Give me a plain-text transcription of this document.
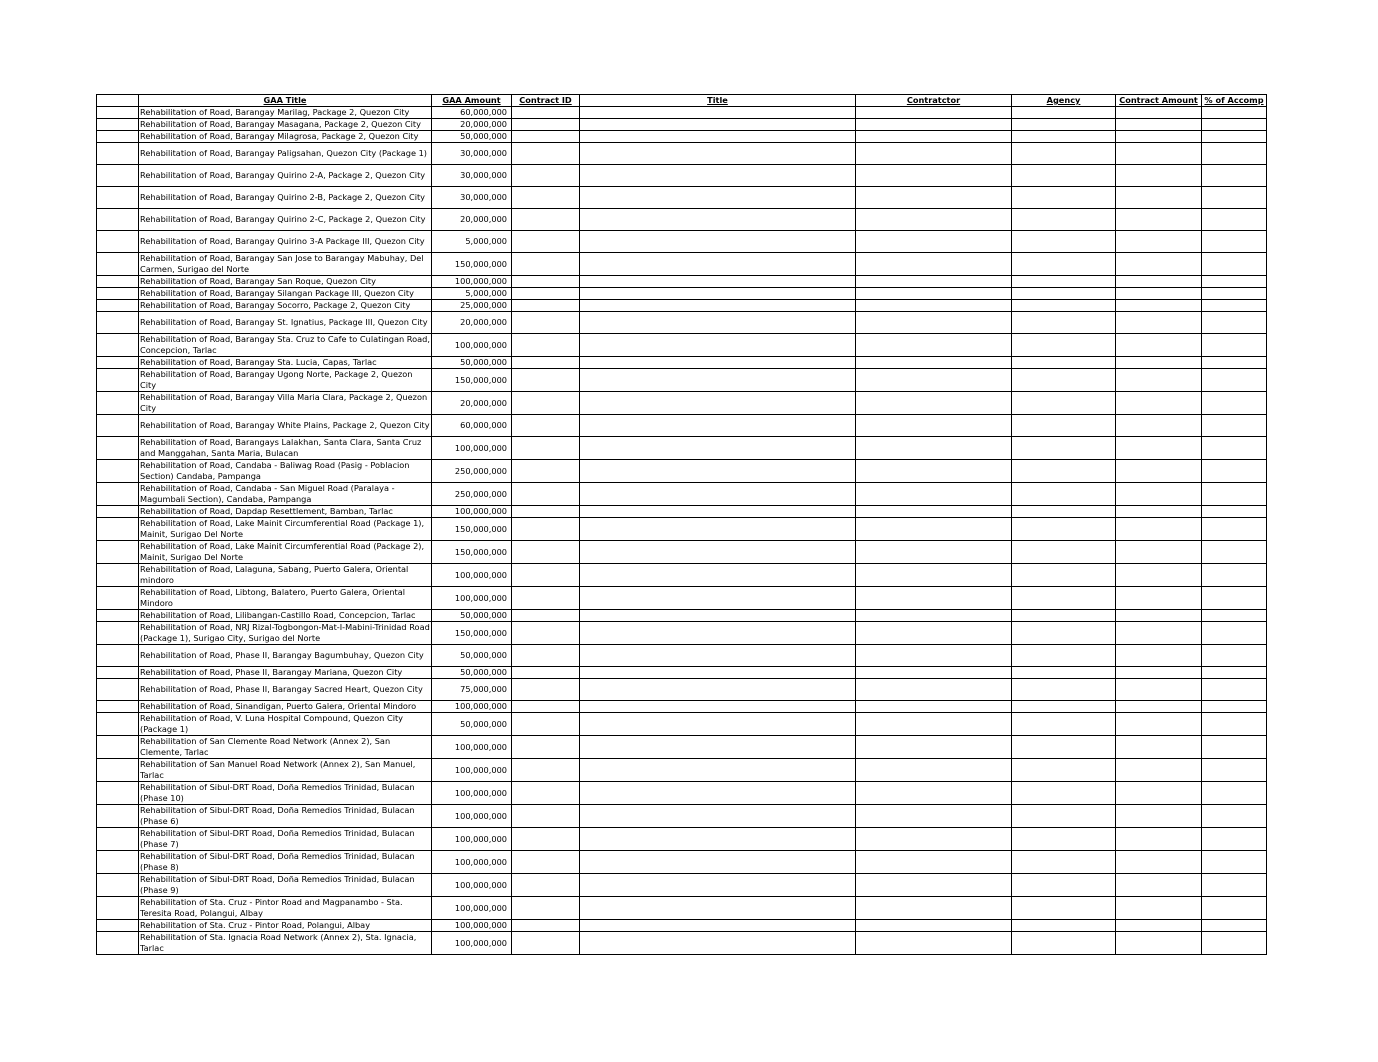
	GAA Title	GAA Amount	Contract ID	Title	Contratctor	Agency	Contract Amount	% of Accomp
	Rehabilitation of Road, Barangay Marilag, Package 2, Quezon City	60,000,000						
	Rehabilitation of Road, Barangay Masagana, Package 2, Quezon City	20,000,000						
	Rehabilitation of Road, Barangay Milagrosa, Package 2, Quezon City	50,000,000						
	Rehabilitation of Road, Barangay Paligsahan, Quezon City (Package 1)	30,000,000						
	Rehabilitation of Road, Barangay Quirino 2-A, Package 2, Quezon City	30,000,000						
	Rehabilitation of Road, Barangay Quirino 2-B, Package 2, Quezon City	30,000,000						
	Rehabilitation of Road, Barangay Quirino 2-C, Package 2, Quezon City	20,000,000						
	Rehabilitation of Road, Barangay Quirino 3-A Package III, Quezon City	5,000,000						
	Rehabilitation of Road, Barangay San Jose to Barangay Mabuhay, Del Carmen, Surigao del Norte	150,000,000						
	Rehabilitation of Road, Barangay San Roque, Quezon City	100,000,000						
	Rehabilitation of Road, Barangay Silangan Package III, Quezon City	5,000,000						
	Rehabilitation of Road, Barangay Socorro, Package 2, Quezon City	25,000,000						
	Rehabilitation of Road, Barangay St. Ignatius, Package III, Quezon City	20,000,000						
	Rehabilitation of Road, Barangay Sta. Cruz to Cafe to Culatingan Road, Concepcion, Tarlac	100,000,000						
	Rehabilitation of Road, Barangay Sta. Lucia, Capas, Tarlac	50,000,000						
	Rehabilitation of Road, Barangay Ugong Norte, Package 2, Quezon City	150,000,000						
	Rehabilitation of Road, Barangay Villa Maria Clara, Package 2, Quezon City	20,000,000						
	Rehabilitation of Road, Barangay White Plains, Package 2, Quezon City	60,000,000						
	Rehabilitation of Road, Barangays Lalakhan, Santa Clara, Santa Cruz and Manggahan, Santa Maria, Bulacan	100,000,000						
	Rehabilitation of Road, Candaba - Baliwag Road (Pasig - Poblacion Section) Candaba, Pampanga	250,000,000						
	Rehabilitation of Road, Candaba - San Miguel Road (Paralaya - Magumbali Section), Candaba, Pampanga	250,000,000						
	Rehabilitation of Road, Dapdap Resettlement, Bamban, Tarlac	100,000,000						
	Rehabilitation of Road, Lake Mainit Circumferential Road (Package 1), Mainit, Surigao Del Norte	150,000,000						
	Rehabilitation of Road, Lake Mainit Circumferential Road (Package 2), Mainit, Surigao Del Norte	150,000,000						
	Rehabilitation of Road, Lalaguna, Sabang, Puerto Galera, Oriental mindoro	100,000,000						
	Rehabilitation of Road, Libtong, Balatero, Puerto Galera, Oriental Mindoro	100,000,000						
	Rehabilitation of Road, Lilibangan-Castillo Road, Concepcion, Tarlac	50,000,000						
	Rehabilitation of Road, NRJ Rizal-Togbongon-Mat-I-Mabini-Trinidad Road (Package 1), Surigao City, Surigao del Norte	150,000,000						
	Rehabilitation of Road, Phase II, Barangay Bagumbuhay, Quezon City	50,000,000						
	Rehabilitation of Road, Phase II, Barangay Mariana, Quezon City	50,000,000						
	Rehabilitation of Road, Phase II, Barangay Sacred Heart, Quezon City	75,000,000						
	Rehabilitation of Road, Sinandigan, Puerto Galera, Oriental Mindoro	100,000,000						
	Rehabilitation of Road, V. Luna Hospital Compound, Quezon City (Package 1)	50,000,000						
	Rehabilitation of San Clemente Road Network (Annex 2), San Clemente, Tarlac	100,000,000						
	Rehabilitation of San Manuel Road Network (Annex 2), San Manuel, Tarlac	100,000,000						
	Rehabilitation of Sibul-DRT Road, Doña Remedios Trinidad, Bulacan (Phase 10)	100,000,000						
	Rehabilitation of Sibul-DRT Road, Doña Remedios Trinidad, Bulacan (Phase 6)	100,000,000						
	Rehabilitation of Sibul-DRT Road, Doña Remedios Trinidad, Bulacan (Phase 7)	100,000,000						
	Rehabilitation of Sibul-DRT Road, Doña Remedios Trinidad, Bulacan (Phase 8)	100,000,000						
	Rehabilitation of Sibul-DRT Road, Doña Remedios Trinidad, Bulacan (Phase 9)	100,000,000						
	Rehabilitation of Sta. Cruz - Pintor Road and Magpanambo - Sta. Teresita Road, Polangui, Albay	100,000,000						
	Rehabilitation of Sta. Cruz - Pintor Road, Polangui, Albay	100,000,000						
	Rehabilitation of Sta. Ignacia Road Network (Annex 2), Sta. Ignacia, Tarlac	100,000,000						
